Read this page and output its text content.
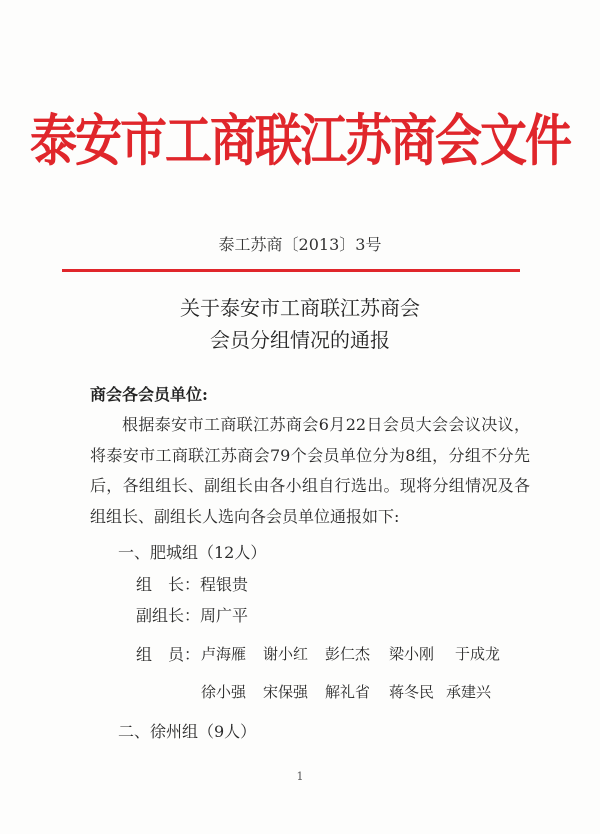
泰安市工商联江苏商会文件
泰工苏商〔2013〕3号
关于泰安市工商联江苏商会
会员分组情况的通报
商会各会员单位:
根据泰安市工商联江苏商会6月22日会员大会会议决议，将泰安市工商联江苏商会79个会员单位分为8组，分组不分先后，各组组长、副组长由各小组自行选出。现将分组情况及各组组长、副组长人选向各会员单位通报如下:
一、肥城组（12人）
组　长：程银贵
副组长：周广平
组　员： 卢海雁 谢小红 彭仁杰 梁小刚 于成龙
徐小强 宋保强 解礼省 蒋冬民 承建兴
二、徐州组（9人）
1
